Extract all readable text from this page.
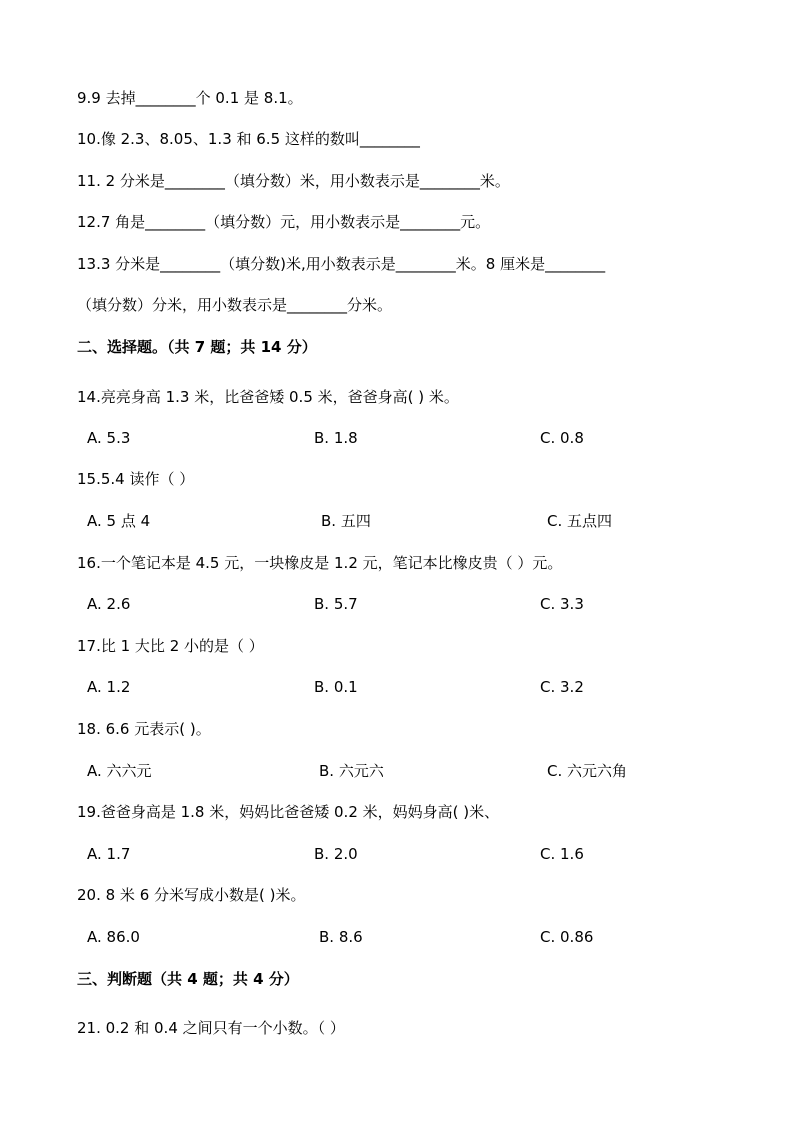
9.9 去掉________个 0.1 是 8.1。
10.像 2.3、8.05、1.3 和 6.5 这样的数叫________
11. 2 分米是________（填分数）米，用小数表示是________米。
12.7 角是________（填分数）元，用小数表示是________元。
13.3 分米是________（填分数)米,用小数表示是________米。8 厘米是________
（填分数）分米，用小数表示是________分米。
二、选择题。（共 7 题；共 14 分）
14.亮亮身高 1.3 米，比爸爸矮 0.5 米，爸爸身高( ) 米。
A. 5.3	B. 1.8	C. 0.8
15.5.4 读作（ ）
A. 5 点 4	B. 五四	C. 五点四
16.一个笔记本是 4.5 元，一块橡皮是 1.2 元，笔记本比橡皮贵（ ）元。
A. 2.6	B. 5.7	C. 3.3
17.比 1 大比 2 小的是（ ）
A. 1.2	B. 0.1	C. 3.2
18. 6.6 元表示( )。
A. 六六元	B. 六元六	C. 六元六角
19.爸爸身高是 1.8 米，妈妈比爸爸矮 0.2 米，妈妈身高( )米、
A. 1.7	B. 2.0	C. 1.6
20. 8 米 6 分米写成小数是( )米。
A. 86.0	B. 8.6	C. 0.86
三、判断题（共 4 题；共 4 分）
21. 0.2 和 0.4 之间只有一个小数。（ ）
